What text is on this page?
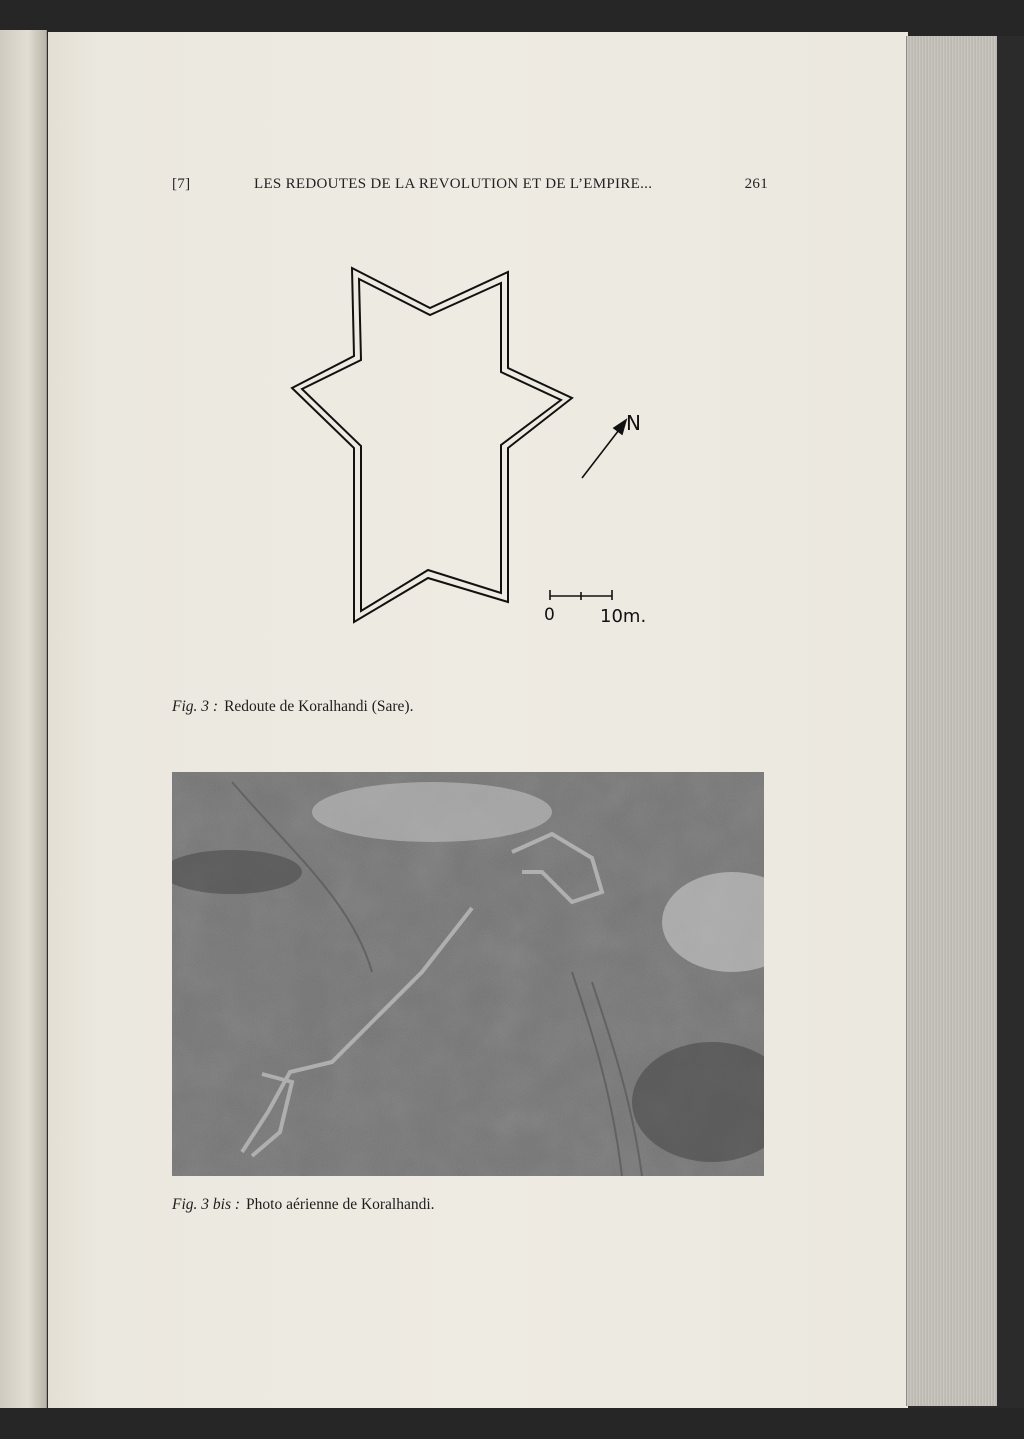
[7]	LES REDOUTES DE LA REVOLUTION ET DE L’EMPIRE...	261
N
0	10m.
Fig. 3 : Redoute de Koralhandi (Sare).
Fig. 3 bis : Photo aérienne de Koralhandi.
